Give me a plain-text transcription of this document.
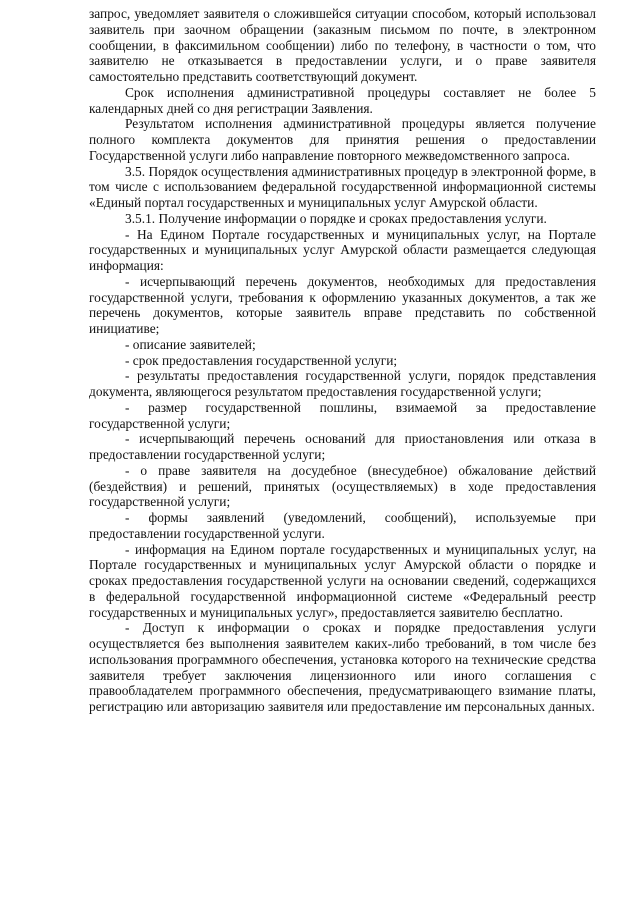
запрос, уведомляет заявителя о сложившейся ситуации способом, который использовал заявитель при заочном обращении (заказным письмом по почте, в электронном сообщении, в факсимильном сообщении) либо по телефону, в частности о том, что заявителю не отказывается в предоставлении услуги, и о праве заявителя самостоятельно представить соответствующий документ.

Срок исполнения административной процедуры составляет не более 5 календарных дней со дня регистрации Заявления.

Результатом исполнения административной процедуры является получение полного комплекта документов для принятия решения о предоставлении Государственной услуги либо направление повторного межведомственного запроса.

3.5. Порядок осуществления административных процедур в электронной форме, в том числе с использованием федеральной государственной информационной системы «Единый портал государственных и муниципальных услуг Амурской области.

3.5.1. Получение информации о порядке и сроках предоставления услуги.

- На Едином Портале государственных и муниципальных услуг, на Портале государственных и муниципальных услуг Амурской области размещается следующая информация:

- исчерпывающий перечень документов, необходимых для предоставления государственной услуги, требования к оформлению указанных документов, а так же перечень документов, которые заявитель вправе представить по собственной инициативе;

- описание заявителей;

- срок предоставления государственной услуги;

- результаты предоставления государственной услуги, порядок представления документа, являющегося результатом предоставления государственной услуги;

- размер государственной пошлины, взимаемой за предоставление государственной услуги;

- исчерпывающий перечень оснований для приостановления или отказа в предоставлении государственной услуги;

- о праве заявителя на досудебное (внесудебное) обжалование действий (бездействия) и решений, принятых (осуществляемых) в ходе предоставления государственной услуги;

- формы заявлений (уведомлений, сообщений), используемые при предоставлении государственной услуги.

- информация на Едином портале государственных и муниципальных услуг, на Портале государственных и муниципальных услуг Амурской области о порядке и сроках предоставления государственной услуги на основании сведений, содержащихся в федеральной государственной информационной системе «Федеральный реестр государственных и муниципальных услуг», предоставляется заявителю бесплатно.

- Доступ к информации о сроках и порядке предоставления услуги осуществляется без выполнения заявителем каких-либо требований, в том числе без использования программного обеспечения, установка которого на технические средства заявителя требует заключения лицензионного или иного соглашения с правообладателем программного обеспечения, предусматривающего взимание платы, регистрацию или авторизацию заявителя или предоставление им персональных данных.
